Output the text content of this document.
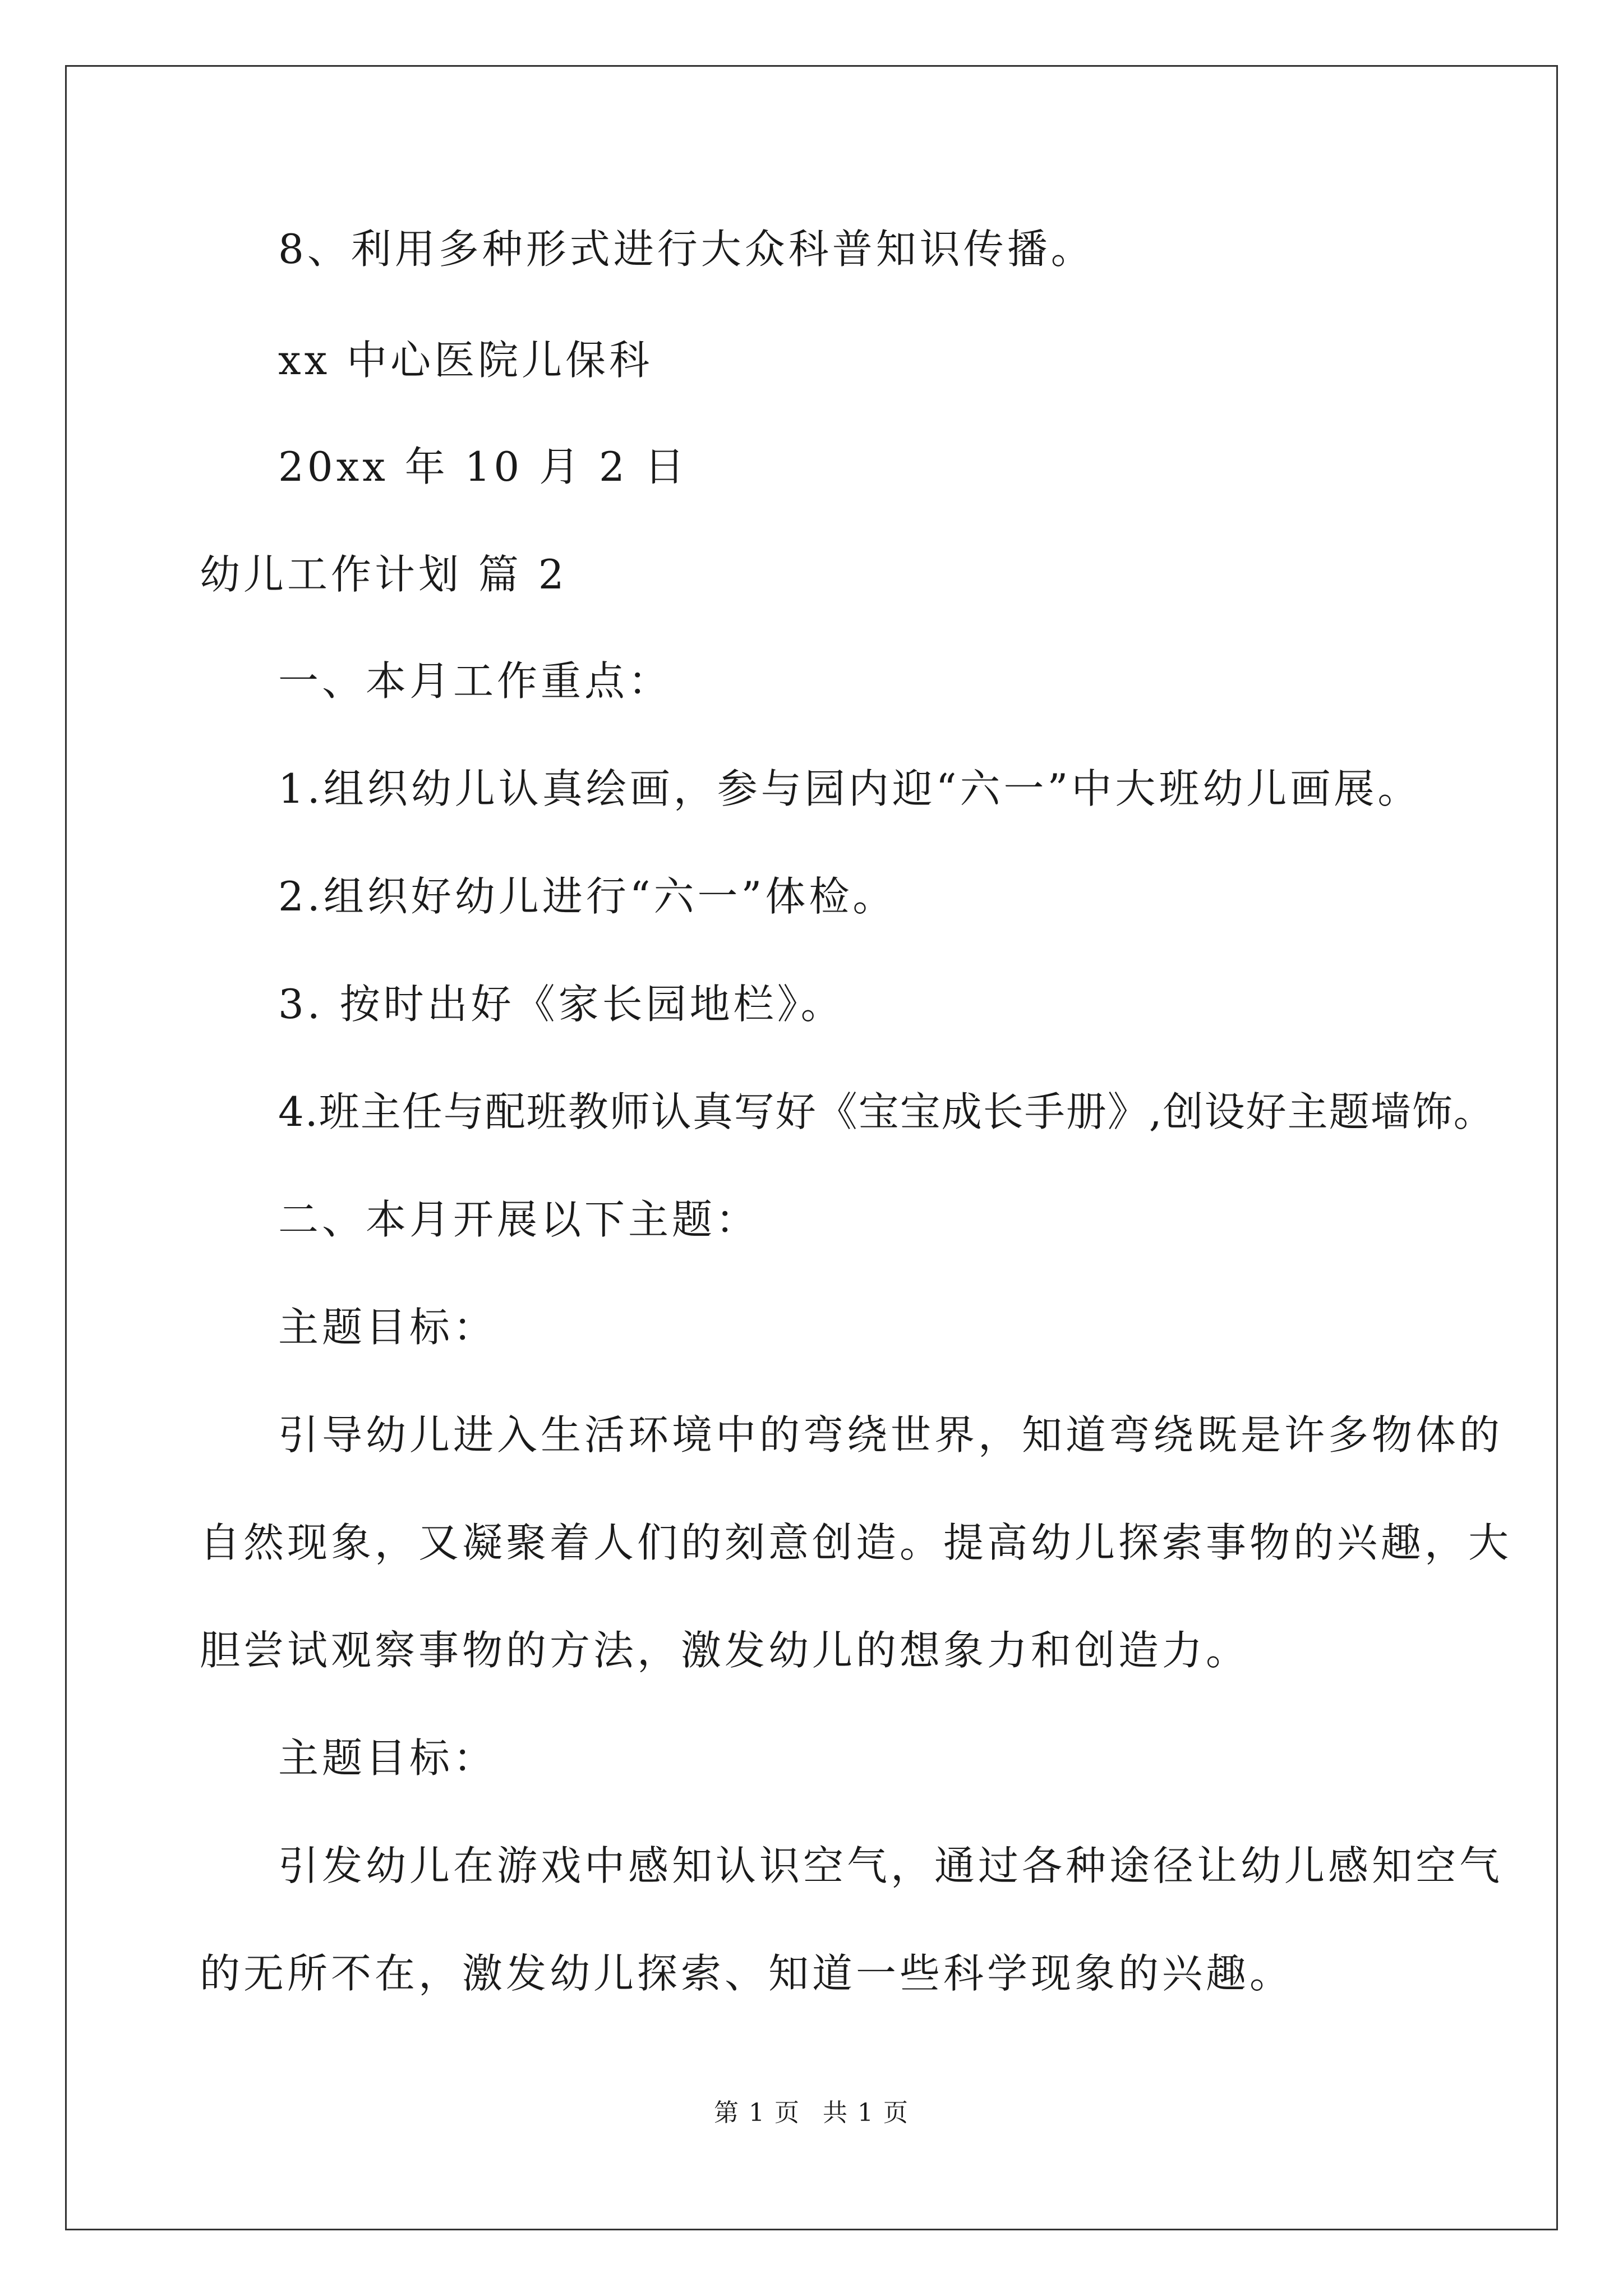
8、利用多种形式进行大众科普知识传播。
xx 中心医院儿保科
20xx 年 10 月 2 日
幼儿工作计划 篇 2
一、本月工作重点：
1.组织幼儿认真绘画，参与园内迎“六一”中大班幼儿画展。
2.组织好幼儿进行“六一”体检。
3. 按时出好《家长园地栏》。
4.班主任与配班教师认真写好《宝宝成长手册》,创设好主题墙饰。
二、本月开展以下主题：
主题目标：
引导幼儿进入生活环境中的弯绕世界，知道弯绕既是许多物体的
自然现象，又凝聚着人们的刻意创造。提高幼儿探索事物的兴趣，大
胆尝试观察事物的方法，激发幼儿的想象力和创造力。
主题目标：
引发幼儿在游戏中感知认识空气，通过各种途径让幼儿感知空气
的无所不在，激发幼儿探索、知道一些科学现象的兴趣。
第 1 页 共 1 页
